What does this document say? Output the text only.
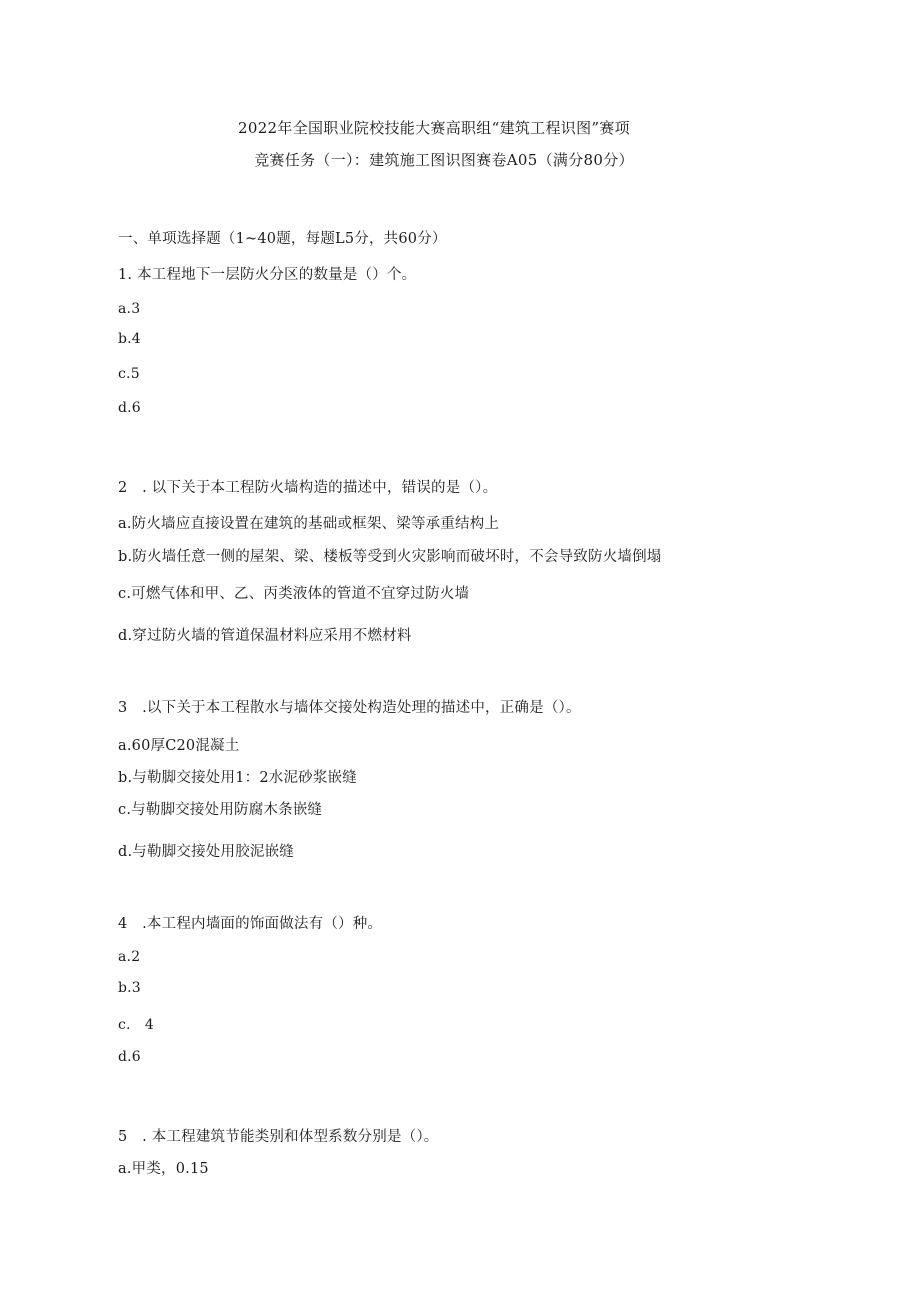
2022年全国职业院校技能大赛高职组“建筑工程识图”赛项
竞赛任务（一）：建筑施工图识图赛卷A05（满分80分）
一、单项选择题（1~40题，每题L5分，共60分）
1. 本工程地下一层防火分区的数量是（）个。
a.3
b.4
c.5
d.6
2　. 以下关于本工程防火墙构造的描述中，错误的是（）。
a.防火墙应直接设置在建筑的基础或框架、梁等承重结构上
b.防火墙任意一侧的屋架、梁、楼板等受到火灾影响而破坏时，不会导致防火墙倒塌
c.可燃气体和甲、乙、丙类液体的管道不宜穿过防火墙
d.穿过防火墙的管道保温材料应采用不燃材料
3　.以下关于本工程散水与墙体交接处构造处理的描述中，正确是（）。
a.60厚C20混凝土
b.与勒脚交接处用1：2水泥砂浆嵌缝
c.与勒脚交接处用防腐木条嵌缝
d.与勒脚交接处用胶泥嵌缝
4　.本工程内墙面的饰面做法有（）种。
a.2
b.3
c.　4
d.6
5　. 本工程建筑节能类别和体型系数分别是（）。
a.甲类，0.15
